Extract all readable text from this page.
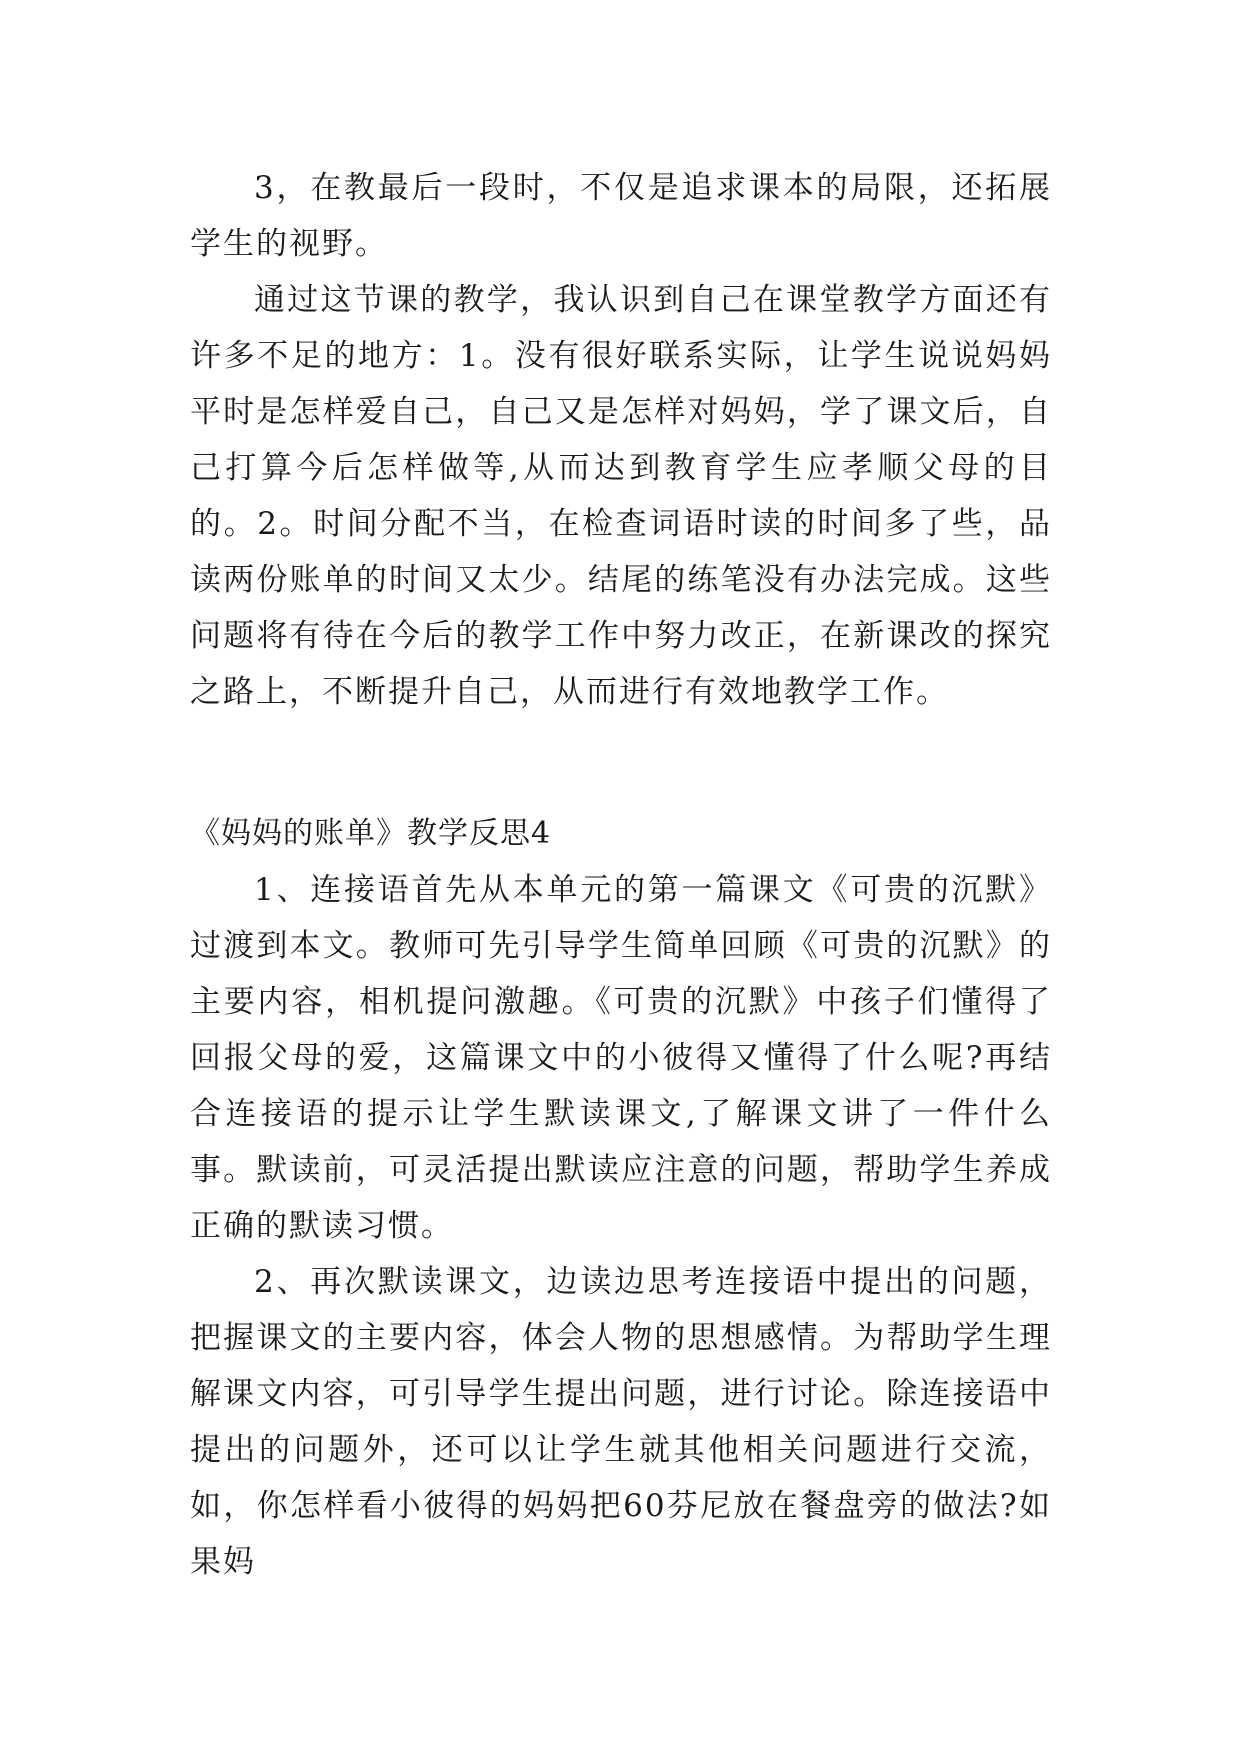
3，在教最后一段时，不仅是追求课本的局限，还拓展学生的视野。

通过这节课的教学，我认识到自己在课堂教学方面还有许多不足的地方：1。没有很好联系实际，让学生说说妈妈平时是怎样爱自己，自己又是怎样对妈妈，学了课文后，自己打算今后怎样做等,从而达到教育学生应孝顺父母的目的。2。时间分配不当，在检查词语时读的时间多了些，品读两份账单的时间又太少。结尾的练笔没有办法完成。这些问题将有待在今后的教学工作中努力改正，在新课改的探究之路上，不断提升自己，从而进行有效地教学工作。

《妈妈的账单》教学反思4

1、连接语首先从本单元的第一篇课文《可贵的沉默》过渡到本文。教师可先引导学生简单回顾《可贵的沉默》的主要内容，相机提问激趣。《可贵的沉默》中孩子们懂得了回报父母的爱，这篇课文中的小彼得又懂得了什么呢?再结合连接语的提示让学生默读课文,了解课文讲了一件什么事。默读前，可灵活提出默读应注意的问题，帮助学生养成正确的默读习惯。

2、再次默读课文，边读边思考连接语中提出的问题，把握课文的主要内容，体会人物的思想感情。为帮助学生理解课文内容，可引导学生提出问题，进行讨论。除连接语中提出的问题外，还可以让学生就其他相关问题进行交流，如，你怎样看小彼得的妈妈把60芬尼放在餐盘旁的做法?如果妈
